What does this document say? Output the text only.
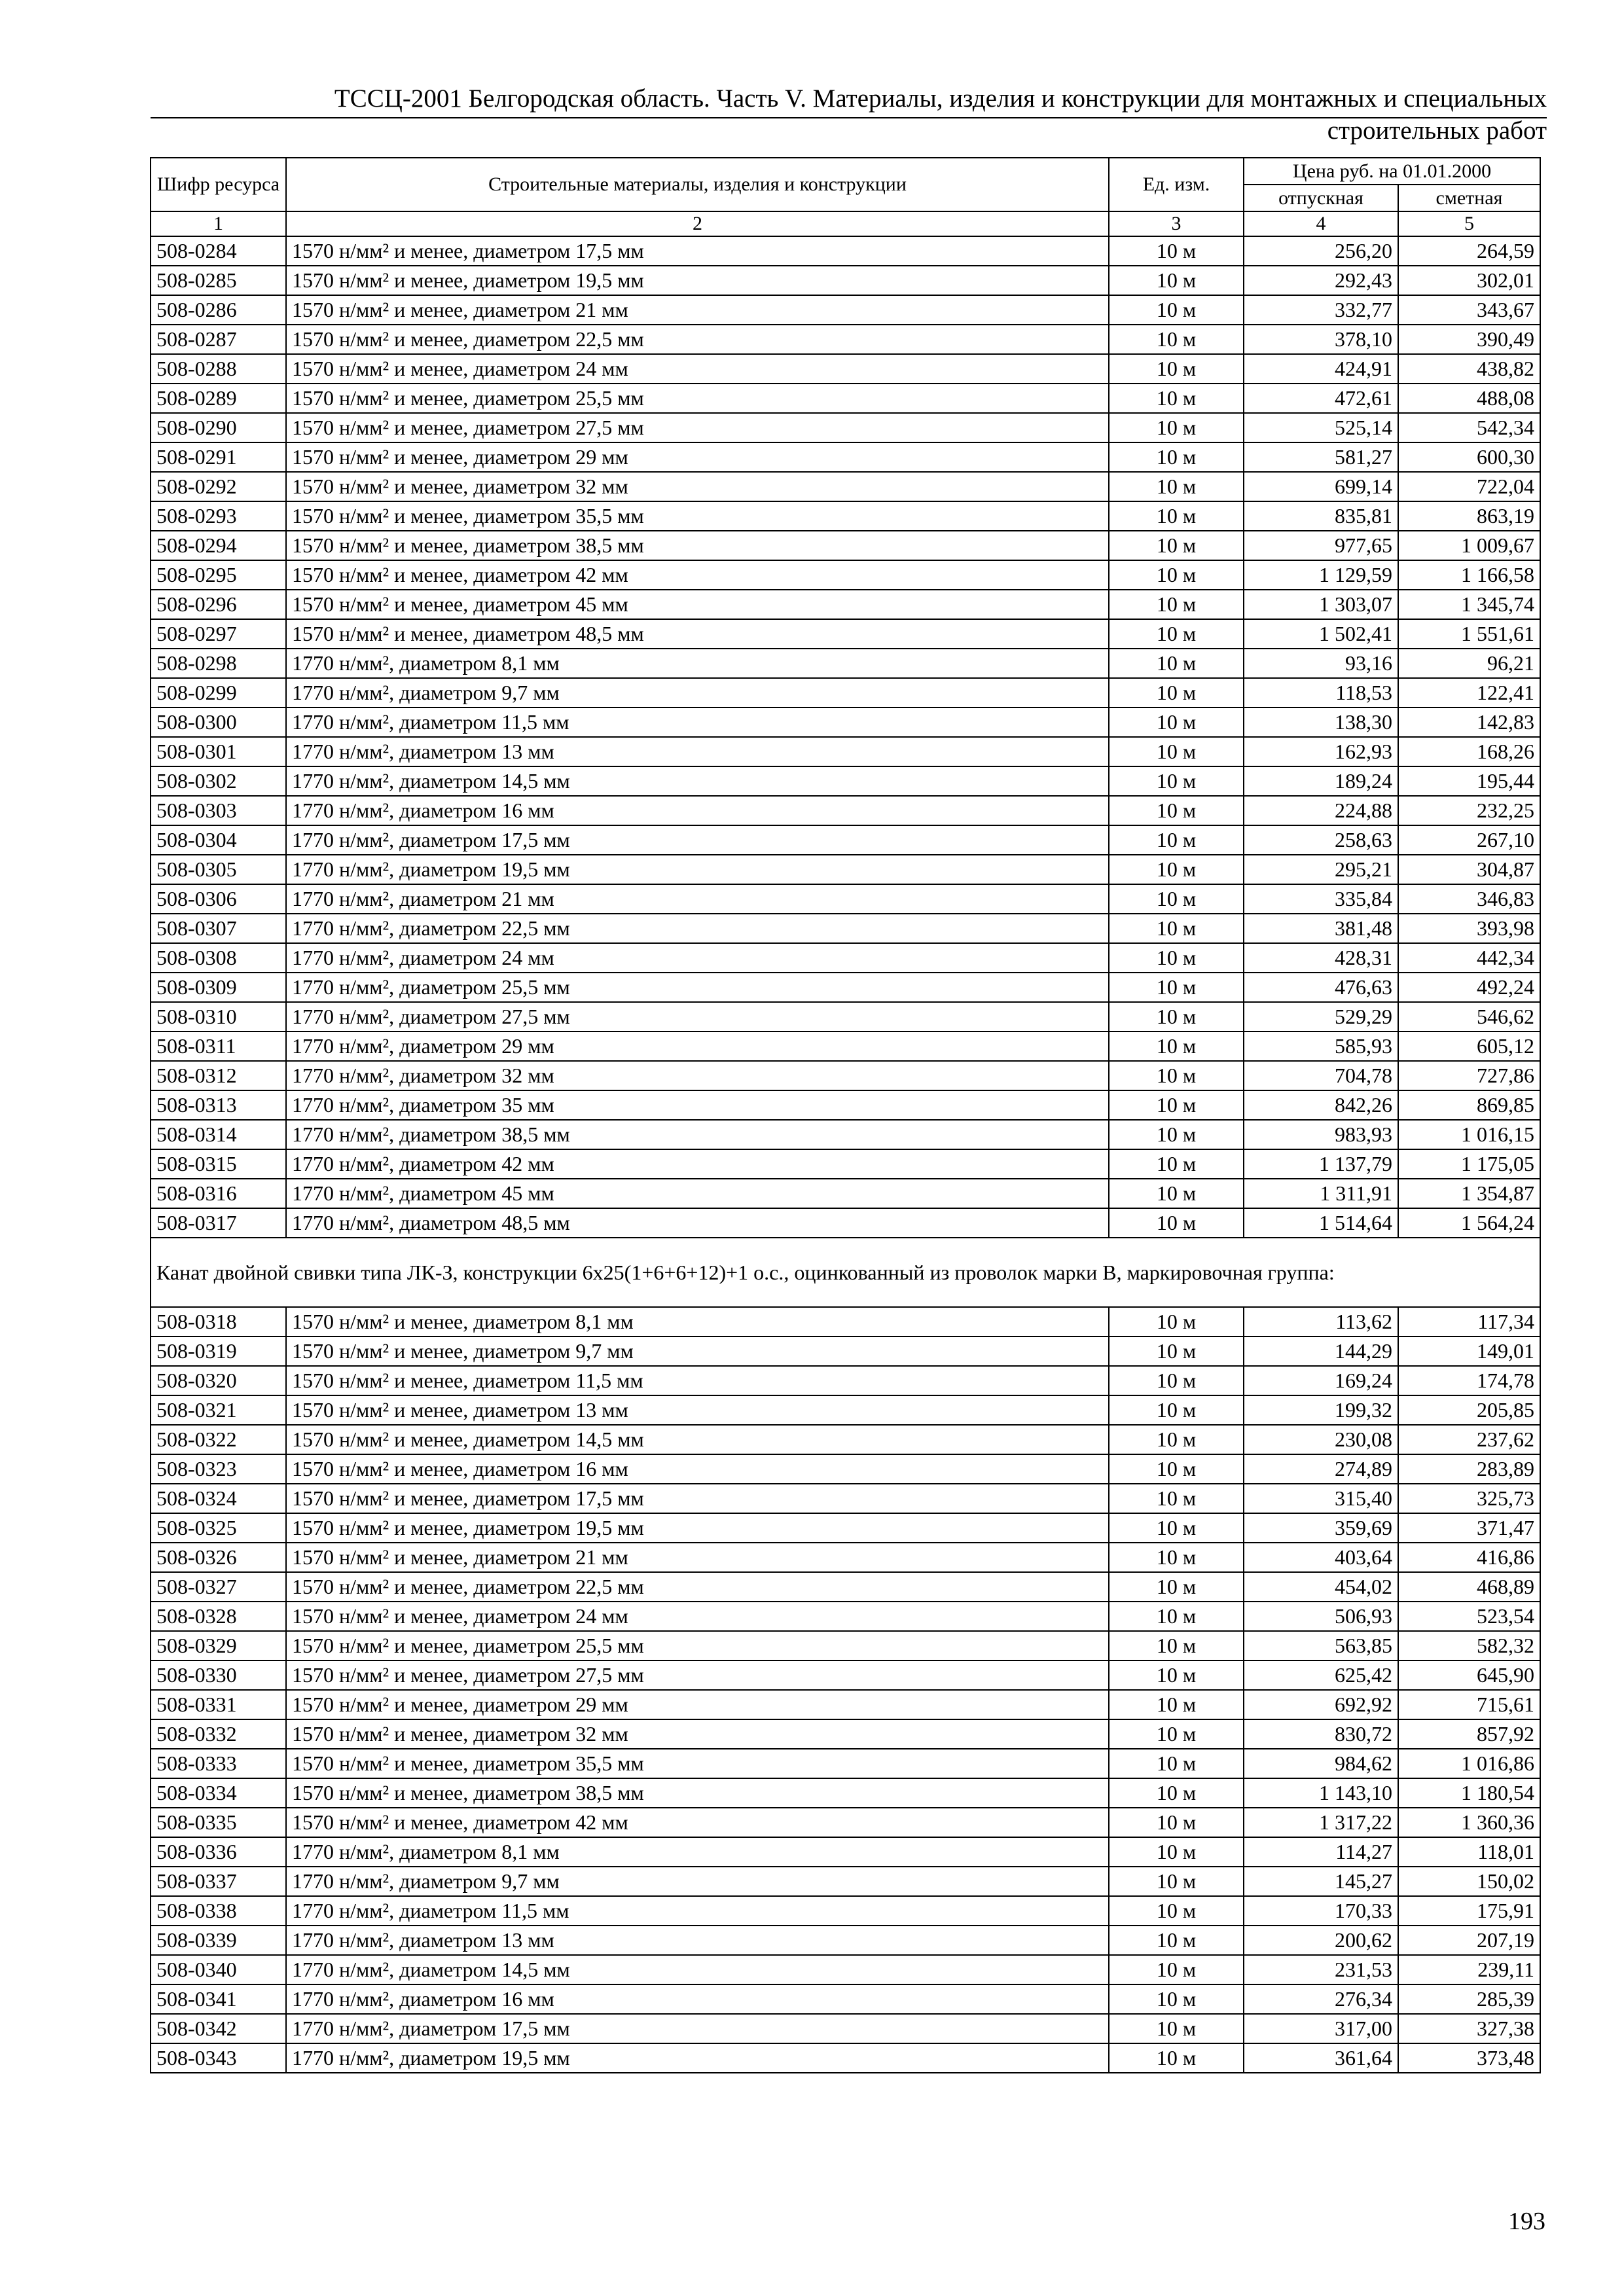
ТССЦ-2001 Белгородская область. Часть V. Материалы, изделия и конструкции для монтажных и специальных
строительных работ
Шифр ресурса	Строительные материалы, изделия и конструкции	Ед. изм.	Цена руб. на 01.01.2000	
			отпускная	сметная
1	2	3	4	5
508-0284	1570 н/мм² и менее, диаметром 17,5 мм	10 м	256,20	264,59
508-0285	1570 н/мм² и менее, диаметром 19,5 мм	10 м	292,43	302,01
508-0286	1570 н/мм² и менее, диаметром 21 мм	10 м	332,77	343,67
508-0287	1570 н/мм² и менее, диаметром 22,5 мм	10 м	378,10	390,49
508-0288	1570 н/мм² и менее, диаметром 24 мм	10 м	424,91	438,82
508-0289	1570 н/мм² и менее, диаметром 25,5 мм	10 м	472,61	488,08
508-0290	1570 н/мм² и менее, диаметром 27,5 мм	10 м	525,14	542,34
508-0291	1570 н/мм² и менее, диаметром 29 мм	10 м	581,27	600,30
508-0292	1570 н/мм² и менее, диаметром 32 мм	10 м	699,14	722,04
508-0293	1570 н/мм² и менее, диаметром 35,5 мм	10 м	835,81	863,19
508-0294	1570 н/мм² и менее, диаметром 38,5 мм	10 м	977,65	1 009,67
508-0295	1570 н/мм² и менее, диаметром 42 мм	10 м	1 129,59	1 166,58
508-0296	1570 н/мм² и менее, диаметром 45 мм	10 м	1 303,07	1 345,74
508-0297	1570 н/мм² и менее, диаметром 48,5 мм	10 м	1 502,41	1 551,61
508-0298	1770 н/мм², диаметром 8,1 мм	10 м	93,16	96,21
508-0299	1770 н/мм², диаметром 9,7 мм	10 м	118,53	122,41
508-0300	1770 н/мм², диаметром 11,5 мм	10 м	138,30	142,83
508-0301	1770 н/мм², диаметром 13 мм	10 м	162,93	168,26
508-0302	1770 н/мм², диаметром 14,5 мм	10 м	189,24	195,44
508-0303	1770 н/мм², диаметром 16 мм	10 м	224,88	232,25
508-0304	1770 н/мм², диаметром 17,5 мм	10 м	258,63	267,10
508-0305	1770 н/мм², диаметром 19,5 мм	10 м	295,21	304,87
508-0306	1770 н/мм², диаметром 21 мм	10 м	335,84	346,83
508-0307	1770 н/мм², диаметром 22,5 мм	10 м	381,48	393,98
508-0308	1770 н/мм², диаметром 24 мм	10 м	428,31	442,34
508-0309	1770 н/мм², диаметром 25,5 мм	10 м	476,63	492,24
508-0310	1770 н/мм², диаметром 27,5 мм	10 м	529,29	546,62
508-0311	1770 н/мм², диаметром 29 мм	10 м	585,93	605,12
508-0312	1770 н/мм², диаметром 32 мм	10 м	704,78	727,86
508-0313	1770 н/мм², диаметром 35 мм	10 м	842,26	869,85
508-0314	1770 н/мм², диаметром 38,5 мм	10 м	983,93	1 016,15
508-0315	1770 н/мм², диаметром 42 мм	10 м	1 137,79	1 175,05
508-0316	1770 н/мм², диаметром 45 мм	10 м	1 311,91	1 354,87
508-0317	1770 н/мм², диаметром 48,5 мм	10 м	1 514,64	1 564,24
Канат двойной свивки типа ЛК-З, конструкции 6х25(1+6+6+12)+1 о.с., оцинкованный из проволок марки В, маркировочная группа:				
508-0318	1570 н/мм² и менее, диаметром 8,1 мм	10 м	113,62	117,34
508-0319	1570 н/мм² и менее, диаметром 9,7 мм	10 м	144,29	149,01
508-0320	1570 н/мм² и менее, диаметром 11,5 мм	10 м	169,24	174,78
508-0321	1570 н/мм² и менее, диаметром 13 мм	10 м	199,32	205,85
508-0322	1570 н/мм² и менее, диаметром 14,5 мм	10 м	230,08	237,62
508-0323	1570 н/мм² и менее, диаметром 16 мм	10 м	274,89	283,89
508-0324	1570 н/мм² и менее, диаметром 17,5 мм	10 м	315,40	325,73
508-0325	1570 н/мм² и менее, диаметром 19,5 мм	10 м	359,69	371,47
508-0326	1570 н/мм² и менее, диаметром 21 мм	10 м	403,64	416,86
508-0327	1570 н/мм² и менее, диаметром 22,5 мм	10 м	454,02	468,89
508-0328	1570 н/мм² и менее, диаметром 24 мм	10 м	506,93	523,54
508-0329	1570 н/мм² и менее, диаметром 25,5 мм	10 м	563,85	582,32
508-0330	1570 н/мм² и менее, диаметром 27,5 мм	10 м	625,42	645,90
508-0331	1570 н/мм² и менее, диаметром 29 мм	10 м	692,92	715,61
508-0332	1570 н/мм² и менее, диаметром 32 мм	10 м	830,72	857,92
508-0333	1570 н/мм² и менее, диаметром 35,5 мм	10 м	984,62	1 016,86
508-0334	1570 н/мм² и менее, диаметром 38,5 мм	10 м	1 143,10	1 180,54
508-0335	1570 н/мм² и менее, диаметром 42 мм	10 м	1 317,22	1 360,36
508-0336	1770 н/мм², диаметром 8,1 мм	10 м	114,27	118,01
508-0337	1770 н/мм², диаметром 9,7 мм	10 м	145,27	150,02
508-0338	1770 н/мм², диаметром 11,5 мм	10 м	170,33	175,91
508-0339	1770 н/мм², диаметром 13 мм	10 м	200,62	207,19
508-0340	1770 н/мм², диаметром 14,5 мм	10 м	231,53	239,11
508-0341	1770 н/мм², диаметром 16 мм	10 м	276,34	285,39
508-0342	1770 н/мм², диаметром 17,5 мм	10 м	317,00	327,38
508-0343	1770 н/мм², диаметром 19,5 мм	10 м	361,64	373,48
193
